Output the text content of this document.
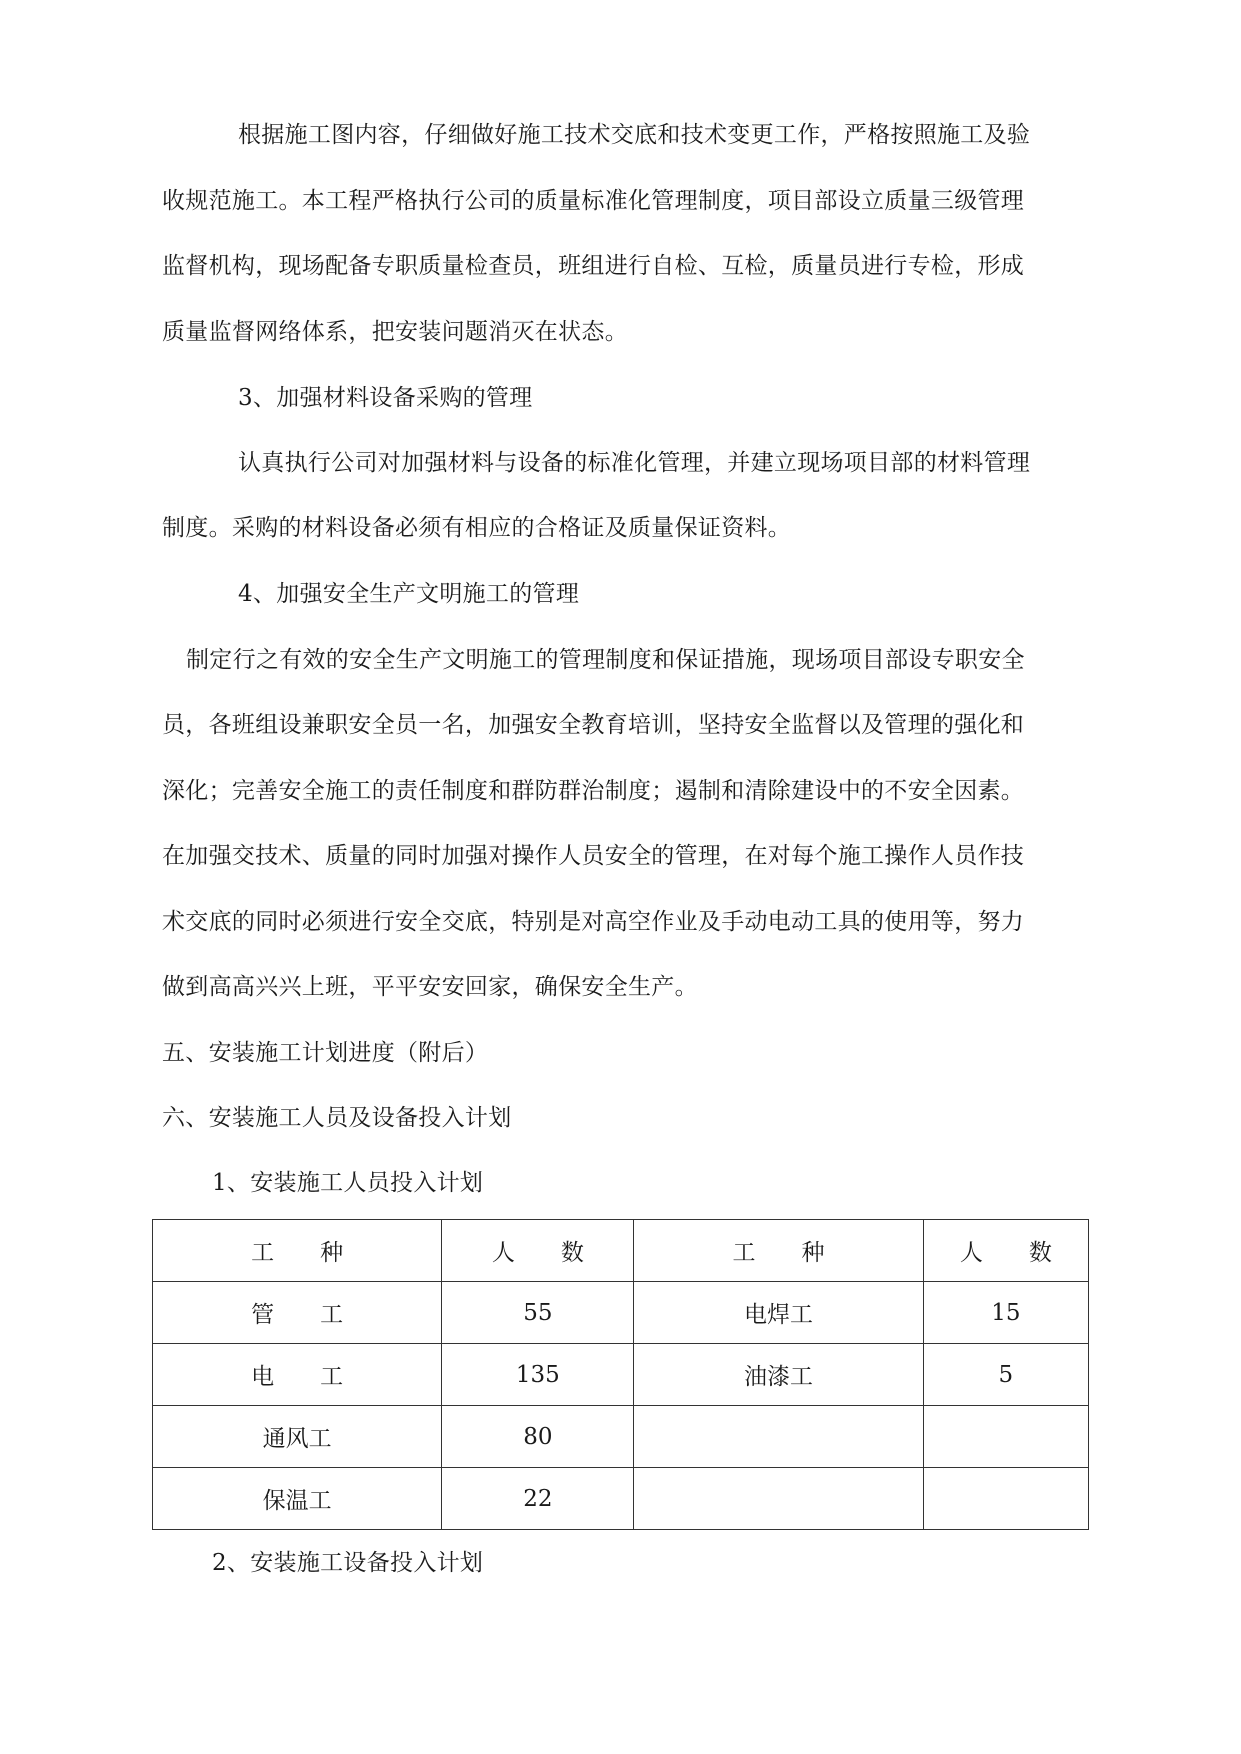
根据施工图内容，仔细做好施工技术交底和技术变更工作，严格按照施工及验
收规范施工。本工程严格执行公司的质量标准化管理制度，项目部设立质量三级管理
监督机构，现场配备专职质量检查员，班组进行自检、互检，质量员进行专检，形成
质量监督网络体系，把安装问题消灭在状态。
3、加强材料设备采购的管理
认真执行公司对加强材料与设备的标准化管理，并建立现场项目部的材料管理
制度。采购的材料设备必须有相应的合格证及质量保证资料。
4、加强安全生产文明施工的管理
制定行之有效的安全生产文明施工的管理制度和保证措施，现场项目部设专职安全
员，各班组设兼职安全员一名，加强安全教育培训，坚持安全监督以及管理的强化和
深化；完善安全施工的责任制度和群防群治制度；遏制和清除建设中的不安全因素。
在加强交技术、质量的同时加强对操作人员安全的管理，在对每个施工操作人员作技
术交底的同时必须进行安全交底，特别是对高空作业及手动电动工具的使用等，努力
做到高高兴兴上班，平平安安回家，确保安全生产。
五、安装施工计划进度（附后）
六、安装施工人员及设备投入计划
1、安装施工人员投入计划
工　　种	人　　数	工　　种	人　　数
管　　工	55	电焊工	15
电　　工	135	油漆工	5
通风工	80		
保温工	22		
2、安装施工设备投入计划
